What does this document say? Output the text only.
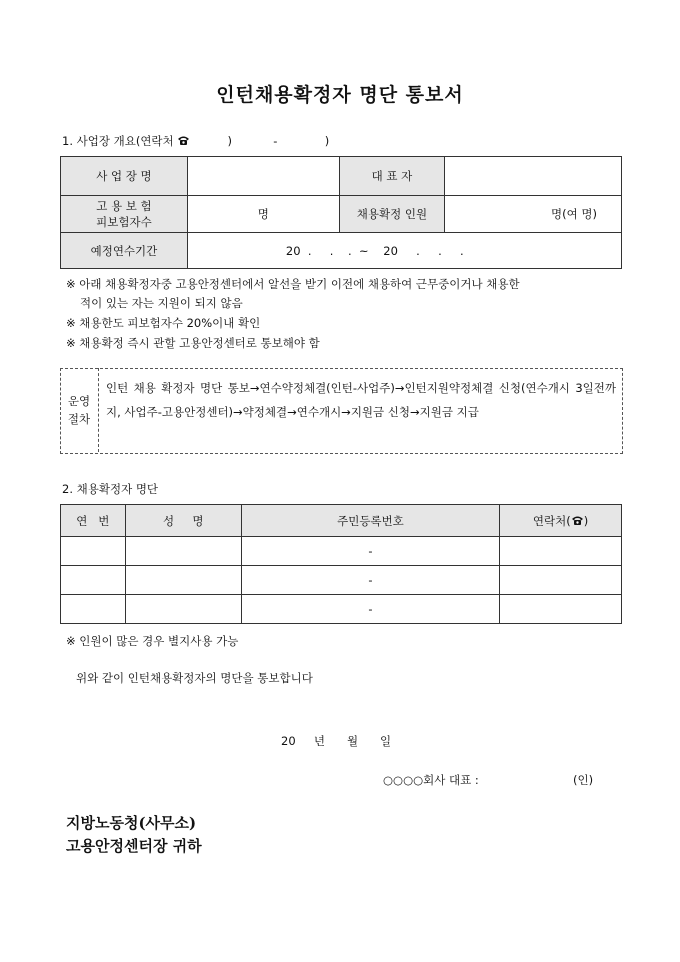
인턴채용확정자 명단 통보서
1. 사업장 개요(연락처	)	-	)
사 업 장 명		대 표 자	

고 용 보 험
피보험자수	명	채용확정 인원	명(여 명)
예정연수기간	20  .     .    .  ~    20     .     .     .		
※ 아래 채용확정자중 고용안정센터에서 알선을 받기 이전에 채용하여 근무중이거나 채용한
적이 있는 자는 지원이 되지 않음
※ 채용한도 피보험자수 20%이내 확인
※ 채용확정 즉시 관할 고용안정센터로 통보해야 함
운영
절차
인턴 채용 확정자 명단 통보→연수약정체결(인턴-사업주)→인턴지원약정체결 신청(연수개시 3일전까지, 사업주-고용안정센터)→약정체결→연수개시→지원금 신청→지원금 지급
2. 채용확정자 명단
연   번	성     명	주민등록번호	연락처( )
		-	
		-	
		-	
※ 인원이 많은 경우 별지사용 가능
위와 같이 인턴채용확정자의 명단을 통보합니다
20     년      월      일
○○○○회사 대표 :	(인)
지방노동청(사무소)
고용안정센터장 귀하
